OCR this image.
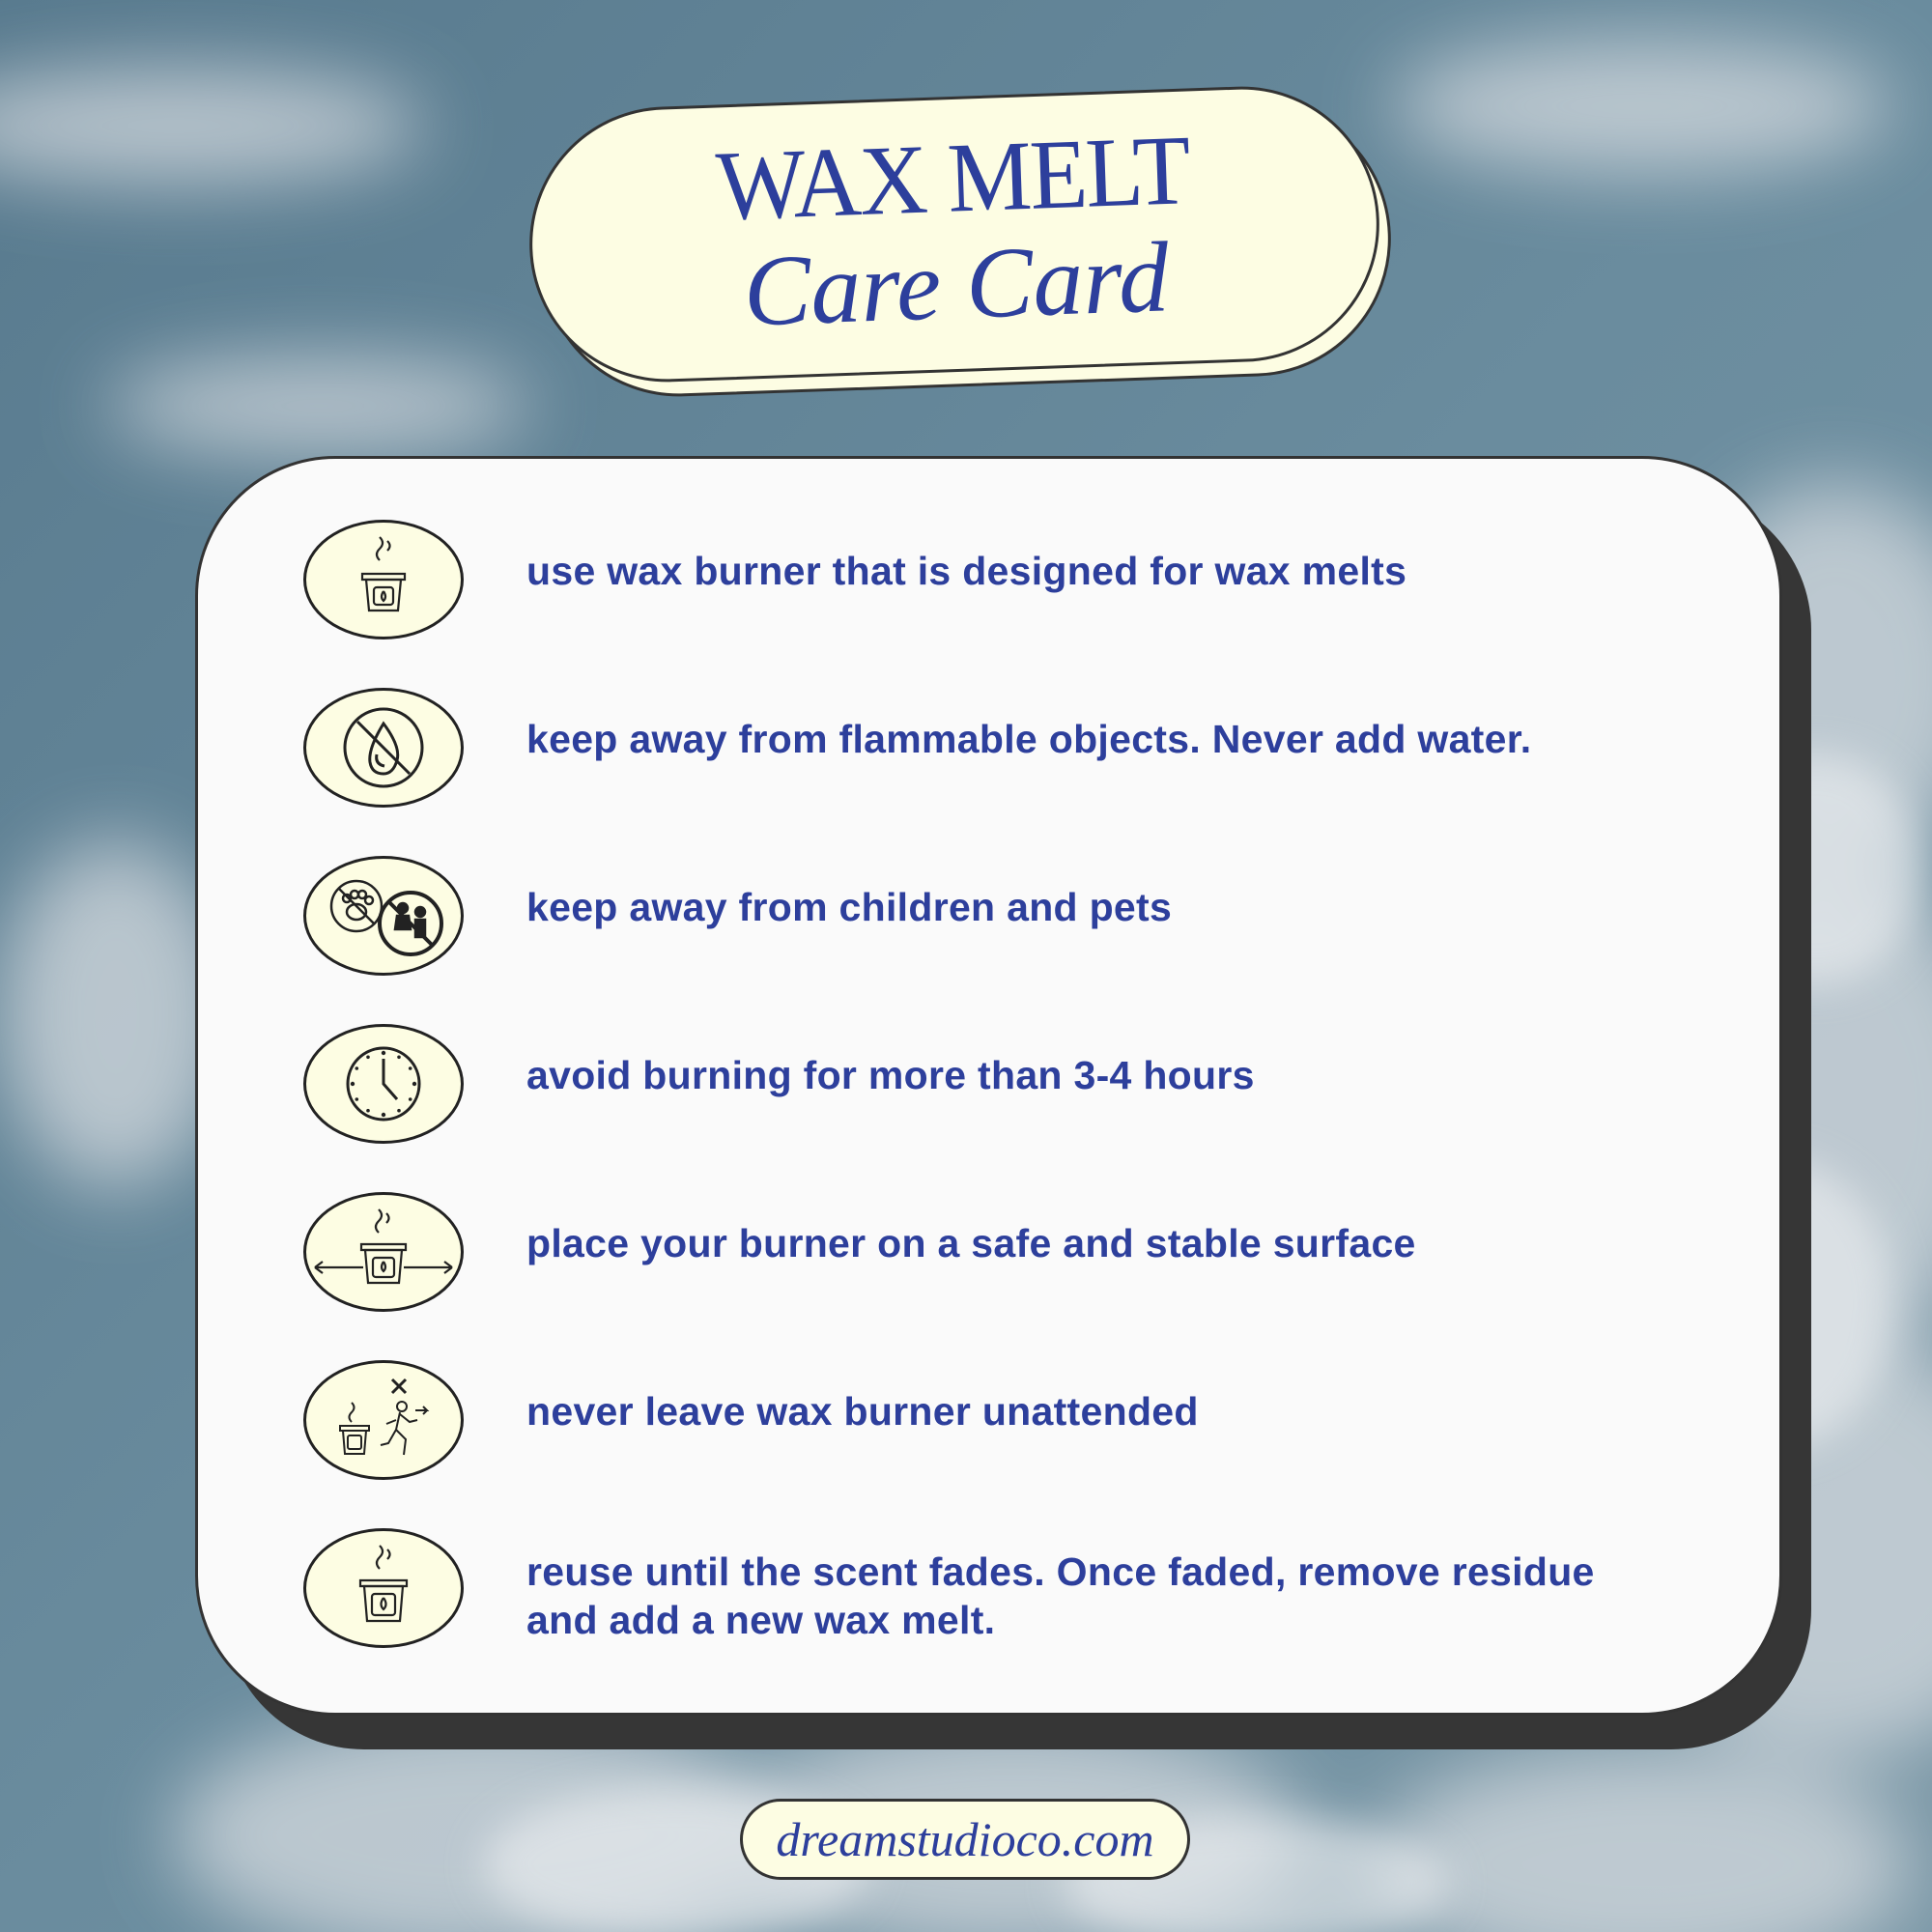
WAX MELT
Care Card
use wax burner that is designed for wax melts
keep away from flammable objects. Never add water.
keep away from children and pets
avoid burning for more than 3-4 hours
place your burner on a safe and stable surface
never leave wax burner unattended
reuse until the scent fades. Once faded, remove residue and add a new wax melt.
dreamstudioco.com
